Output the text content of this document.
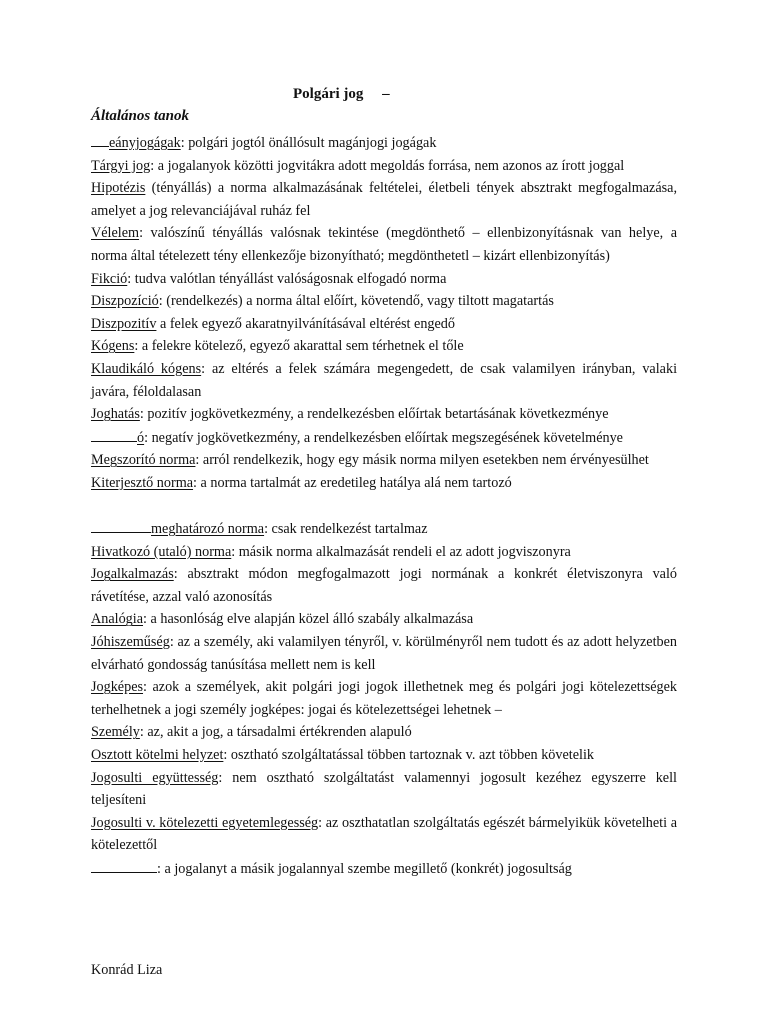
Polgári jog     –
Általános tanok

eányjogágak: polgári jogtól önállósult magánjogi jogágak

Tárgyi jog: a jogalanyok közötti jogvitákra adott megoldás forrása, nem azonos az írott joggal

Hipotézis (tényállás) a norma alkalmazásának feltételei, életbeli tények absztrakt megfogalmazása, amelyet a jog relevanciájával ruház fel

Vélelem: valószínű tényállás valósnak tekintése (megdönthető – ellenbizonyításnak van helye, a norma által tételezett tény ellenkezője bizonyítható; megdönthetetl – kizárt ellenbizonyítás)

Fikció: tudva valótlan tényállást valóságosnak elfogadó norma

Diszpozíció: (rendelkezés) a norma által előírt, követendő, vagy tiltott magatartás

Diszpozitív a felek egyező akaratnyilvánításával eltérést engedő

Kógens: a felekre kötelező, egyező akarattal sem térhetnek el tőle

Klaudikáló kógens: az eltérés a felek számára megengedett, de csak valamilyen irányban, valaki javára, féloldalasan

Joghatás: pozitív jogkövetkezmény, a rendelkezésben előírtak betartásának következménye

ó: negatív jogkövetkezmény, a rendelkezésben előírtak megszegésének követelménye

Megszorító norma: arról rendelkezik, hogy egy másik norma milyen esetekben nem érvényesülhet

Kiterjesztő norma: a norma tartalmát az eredetileg hatálya alá nem tartozó

meghatározó norma: csak rendelkezést tartalmaz

Hivatkozó (utaló) norma: másik norma alkalmazását rendeli el az adott jogviszonyra

Jogalkalmazás: absztrakt módon megfogalmazott jogi normának a konkrét életviszonyra való rávetítése, azzal való azonosítás

Analógia: a hasonlóság elve alapján közel álló szabály alkalmazása

Jóhiszeműség: az a személy, aki valamilyen tényről, v. körülményről nem tudott és az adott helyzetben elvárható gondosság tanúsítása mellett nem is kell

Jogképes: azok a személyek, akit polgári jogi jogok illethetnek meg és polgári jogi kötelezettségek terhelhetnek a jogi személy jogképes: jogai és kötelezettségei lehetnek –

Személy: az, akit a jog, a társadalmi értékrenden alapuló

Osztott kötelmi helyzet: osztható szolgáltatással többen tartoznak v. azt többen követelik

Jogosulti együttesség: nem osztható szolgáltatást valamennyi jogosult kezéhez egyszerre kell teljesíteni

Jogosulti v. kötelezetti egyetemlegesség: az oszthatatlan szolgáltatás egészét bármelyikük követelheti a kötelezettől

: a jogalanyt a másik jogalannyal szembe megillető (konkrét) jogosultság

Konrád Liza
